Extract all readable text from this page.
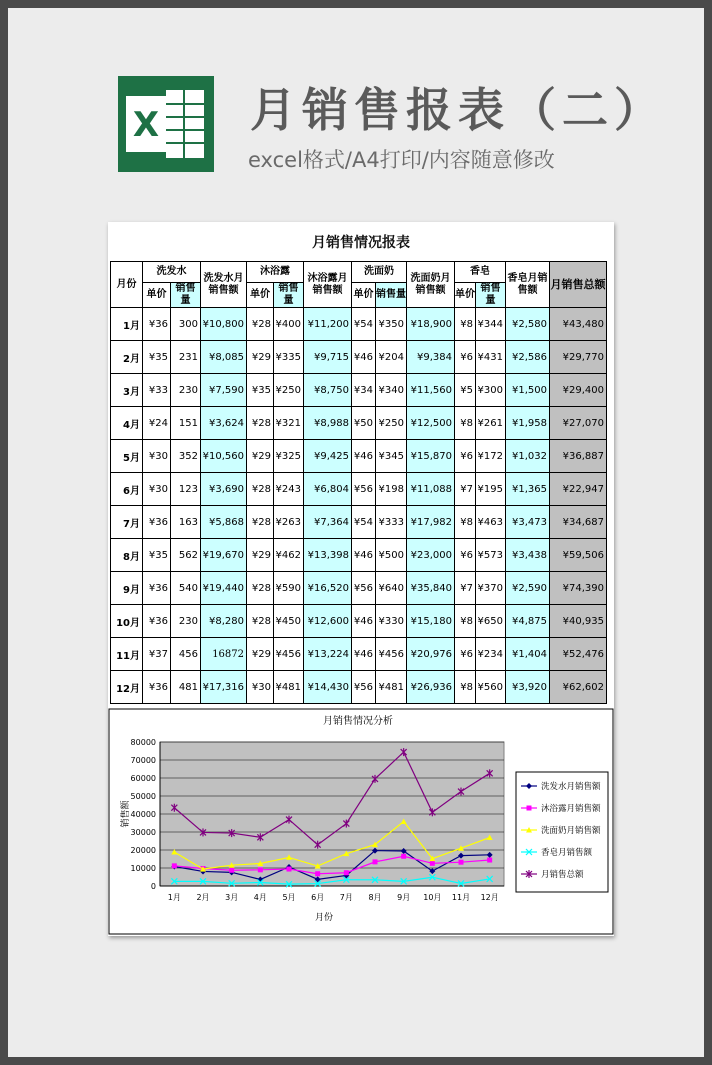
X 月销售报表（二）
excel格式/A4打印/内容随意修改
月销售情况报表
月份	洗发水		洗发水月销售额	沐浴露		沐浴露月销售额	洗面奶		洗面奶月销售额	香皂		香皂月销售额	月销售总额
	单价	销售量		单价	销售量		单价	销售量		单价	销售量		
1月	¥36	300	¥10,800	¥28	¥400	¥11,200	¥54	¥350	¥18,900	¥8	¥344	¥2,580	¥43,480
2月	¥35	231	¥8,085	¥29	¥335	¥9,715	¥46	¥204	¥9,384	¥6	¥431	¥2,586	¥29,770
3月	¥33	230	¥7,590	¥35	¥250	¥8,750	¥34	¥340	¥11,560	¥5	¥300	¥1,500	¥29,400
4月	¥24	151	¥3,624	¥28	¥321	¥8,988	¥50	¥250	¥12,500	¥8	¥261	¥1,958	¥27,070
5月	¥30	352	¥10,560	¥29	¥325	¥9,425	¥46	¥345	¥15,870	¥6	¥172	¥1,032	¥36,887
6月	¥30	123	¥3,690	¥28	¥243	¥6,804	¥56	¥198	¥11,088	¥7	¥195	¥1,365	¥22,947
7月	¥36	163	¥5,868	¥28	¥263	¥7,364	¥54	¥333	¥17,982	¥8	¥463	¥3,473	¥34,687
8月	¥35	562	¥19,670	¥29	¥462	¥13,398	¥46	¥500	¥23,000	¥6	¥573	¥3,438	¥59,506
9月	¥36	540	¥19,440	¥28	¥590	¥16,520	¥56	¥640	¥35,840	¥7	¥370	¥2,590	¥74,390
10月	¥36	230	¥8,280	¥28	¥450	¥12,600	¥46	¥330	¥15,180	¥8	¥650	¥4,875	¥40,935
11月	¥37	456	16872	¥29	¥456	¥13,224	¥46	¥456	¥20,976	¥6	¥234	¥1,404	¥52,476
12月	¥36	481	¥17,316	¥30	¥481	¥14,430	¥56	¥481	¥26,936	¥8	¥560	¥3,920	¥62,602
月销售情况分析
0
10000
20000
30000
40000
50000
60000
70000
80000
1月 2月 3月 4月 5月 6月 7月 8月 9月 10月 11月 12月
月份
销售额
洗发水月销售额
沐浴露月销售额
洗面奶月销售额
香皂月销售额
月销售总额
